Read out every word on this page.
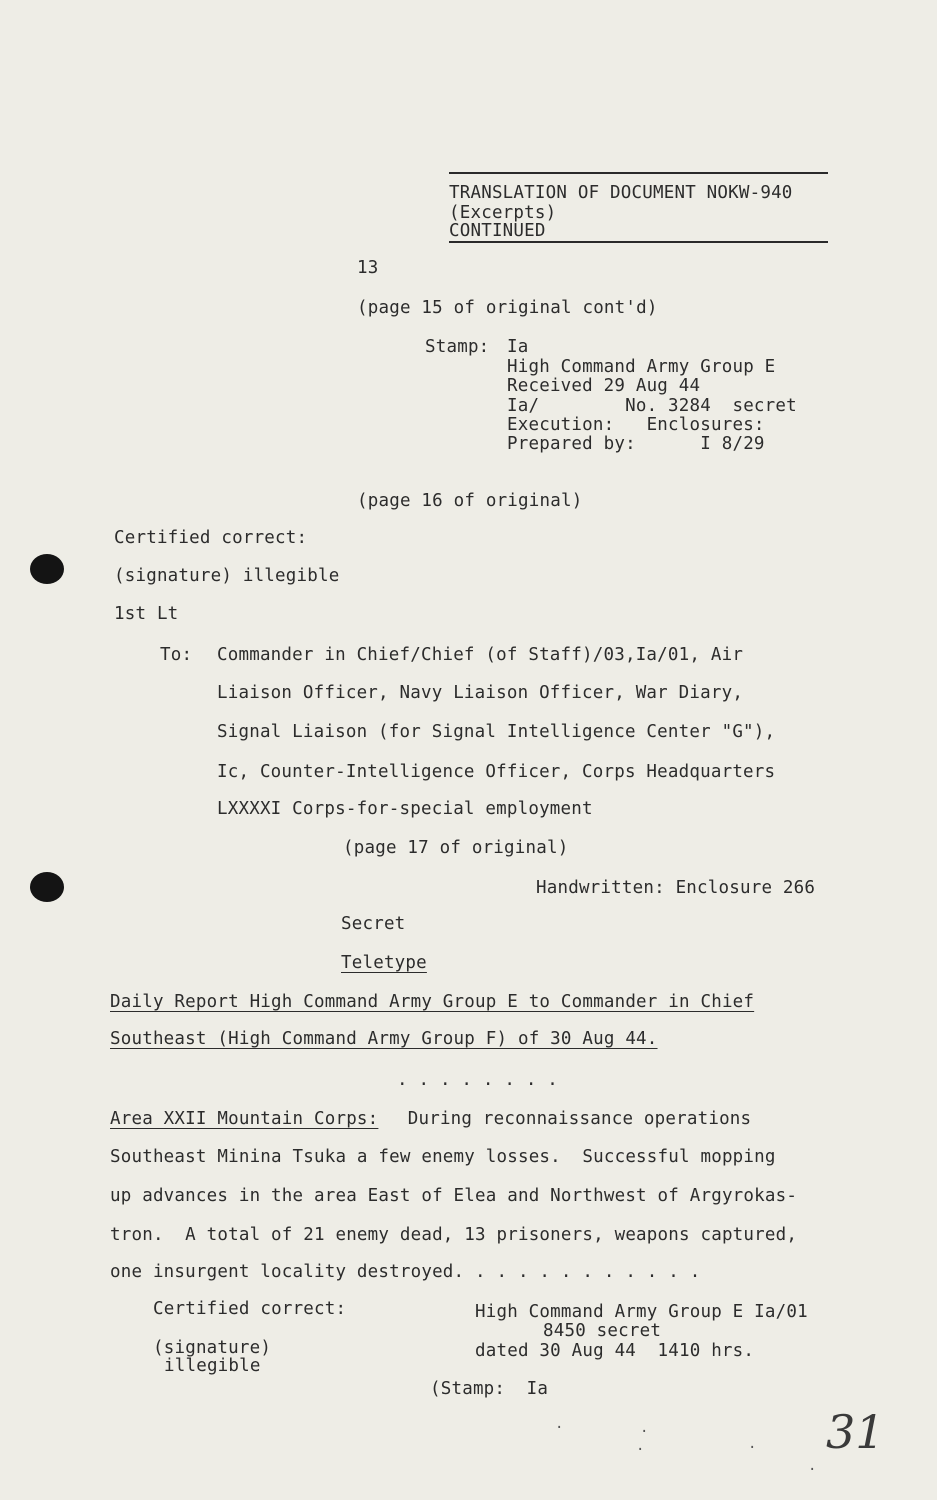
TRANSLATION OF DOCUMENT NOKW-940
(Excerpts)
CONTINUED
13
(page 15 of original cont'd)
Stamp: Ia
High Command Army Group E
Received 29 Aug 44
Ia/        No. 3284  secret
Execution:   Enclosures:
Prepared by:      I 8/29
(page 16 of original)
Certified correct:
(signature) illegible
1st Lt
To: Commander in Chief/Chief (of Staff)/03,Ia/01, Air
Liaison Officer, Navy Liaison Officer, War Diary,
Signal Liaison (for Signal Intelligence Center "G"),
Ic, Counter-Intelligence Officer, Corps Headquarters
LXXXXI Corps-for-special employment
(page 17 of original)
Handwritten: Enclosure 266
Secret
Teletype
Daily Report High Command Army Group E to Commander in Chief
Southeast (High Command Army Group F) of 30 Aug 44.
. . . . . . . .
Area XXII Mountain Corps: During reconnaissance operations
Southeast Minina Tsuka a few enemy losses.  Successful mopping
up advances in the area East of Elea and Northwest of Argyrokas-
tron.  A total of 21 enemy dead, 13 prisoners, weapons captured,
one insurgent locality destroyed. . . . . . . . . . . .
Certified correct:
(signature)
illegible
High Command Army Group E Ia/01
8450 secret
dated 30 Aug 44  1410 hrs.
(Stamp:  Ia
31
·	·
·	·
·
